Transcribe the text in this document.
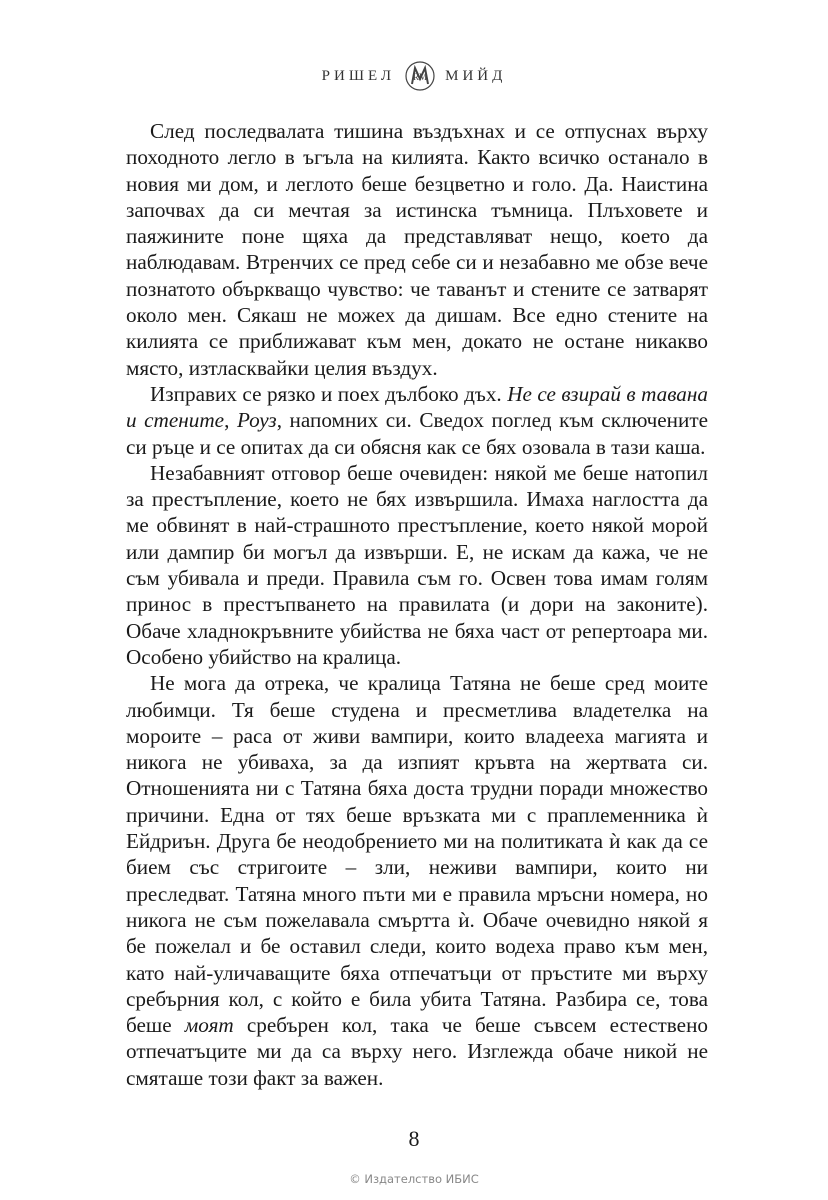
РИШЕЛ RM МИЙД

След последвалата тишина въздъхнах и се отпуснах върху походното легло в ъгъла на килията. Както всичко останало в новия ми дом, и леглото беше безцветно и голо. Да. Наистина започвах да си мечтая за истинска тъмница. Плъховете и паяжините поне щяха да представляват нещо, което да наблюдавам. Втренчих се пред себе си и незабавно ме обзе вече познатото объркващо чувство: че таванът и стените се затварят около мен. Сякаш не можех да дишам. Все едно стените на килията се приближават към мен, докато не остане никакво място, изтласквайки целия въздух.

Изправих се рязко и поех дълбоко дъх. Не се взирай в тавана и стените, Роуз, напомних си. Сведох поглед към сключените си ръце и се опитах да си обясня как се бях озовала в тази каша.

Незабавният отговор беше очевиден: някой ме беше натопил за престъпление, което не бях извършила. Имаха наглостта да ме обвинят в най-страшното престъпление, което някой морой или дампир би могъл да извърши. Е, не искам да кажа, че не съм убивала и преди. Правила съм го. Освен това имам голям принос в престъпването на правилата (и дори на законите). Обаче хладнокръвните убийства не бяха част от репертоара ми. Особено убийство на кралица.

Не мога да отрека, че кралица Татяна не беше сред моите любимци. Тя беше студена и пресметлива владетелка на мороите – раса от живи вампири, които владееха магията и никога не убиваха, за да изпият кръвта на жертвата си. Отношенията ни с Татяна бяха доста трудни поради множество причини. Една от тях беше връзката ми с праплеменника ѝ Ейдриън. Друга бе неодобрението ми на политиката ѝ как да се бием със стригоите – зли, неживи вампири, които ни преследват. Татяна много пъти ми е правила мръсни номера, но никога не съм пожелавала смъртта ѝ. Обаче очевидно някой я бе пожелал и бе оставил следи, които водеха право към мен, като най-уличаващите бяха отпечатъци от пръстите ми върху сребърния кол, с който е била убита Татяна. Разбира се, това беше моят сребърен кол, така че беше съвсем естествено отпечатъците ми да са върху него. Изглежда обаче никой не смяташе този факт за важен.

8
© Издателство ИБИС
